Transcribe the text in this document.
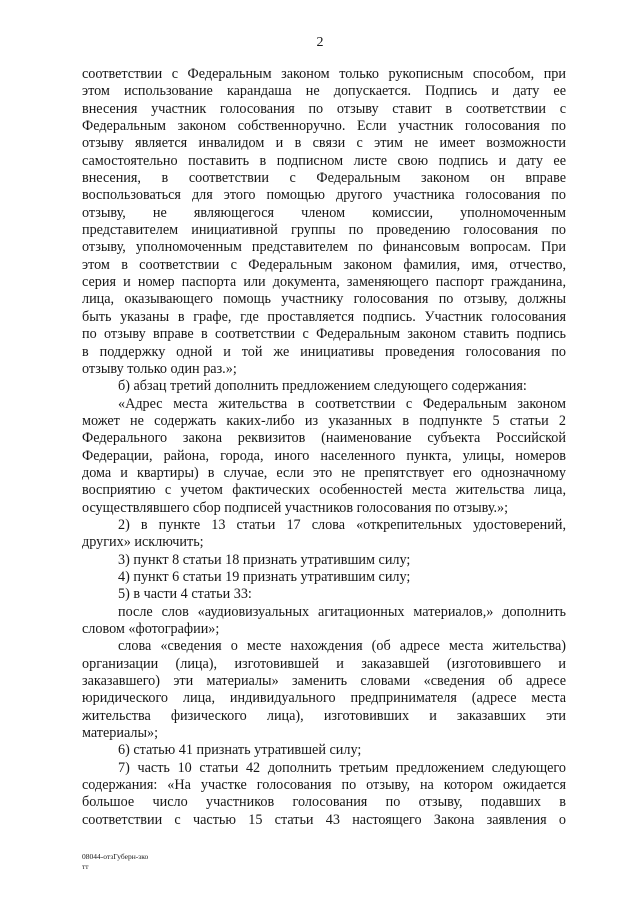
2
соответствии с Федеральным законом только рукописным способом, при
этом использование карандаша не допускается. Подпись и дату ее
внесения участник голосования по отзыву ставит в соответствии с
Федеральным законом собственноручно. Если участник голосования по
отзыву является инвалидом и в связи с этим не имеет возможности
самостоятельно поставить в подписном листе свою подпись и дату ее
внесения, в соответствии с Федеральным законом он вправе
воспользоваться для этого помощью другого участника голосования по
отзыву, не являющегося членом комиссии, уполномоченным
представителем инициативной группы по проведению голосования по
отзыву, уполномоченным представителем по финансовым вопросам. При
этом в соответствии с Федеральным законом фамилия, имя, отчество,
серия и номер паспорта или документа, заменяющего паспорт гражданина,
лица, оказывающего помощь участнику голосования по отзыву, должны
быть указаны в графе, где проставляется подпись. Участник голосования
по отзыву вправе в соответствии с Федеральным законом ставить подпись
в поддержку одной и той же инициативы проведения голосования по
отзыву только один раз.»;
б) абзац третий дополнить предложением следующего содержания:
«Адрес места жительства в соответствии с Федеральным законом
может не содержать каких-либо из указанных в подпункте 5 статьи 2
Федерального закона реквизитов (наименование субъекта Российской
Федерации, района, города, иного населенного пункта, улицы, номеров
дома и квартиры) в случае, если это не препятствует его однозначному
восприятию с учетом фактических особенностей места жительства лица,
осуществлявшего сбор подписей участников голосования по отзыву.»;
2) в пункте 13 статьи 17 слова «открепительных удостоверений,
других» исключить;
3) пункт 8 статьи 18 признать утратившим силу;
4) пункт 6 статьи 19 признать утратившим силу;
5) в части 4 статьи 33:
после слов «аудиовизуальных агитационных материалов,» дополнить
словом «фотографии»;
слова «сведения о месте нахождения (об адресе места жительства)
организации (лица), изготовившей и заказавшей (изготовившего и
заказавшего) эти материалы» заменить словами «сведения об адресе
юридического лица, индивидуального предпринимателя (адресе места
жительства физического лица), изготовивших и заказавших эти
материалы»;
6) статью 41 признать утратившей силу;
7) часть 10 статьи 42 дополнить третьим предложением следующего
содержания: «На участке голосования по отзыву, на котором ожидается
большое число участников голосования по отзыву, подавших в
соответствии с частью 15 статьи 43 настоящего Закона заявления о
08044-отзГуберн-зко
тт
